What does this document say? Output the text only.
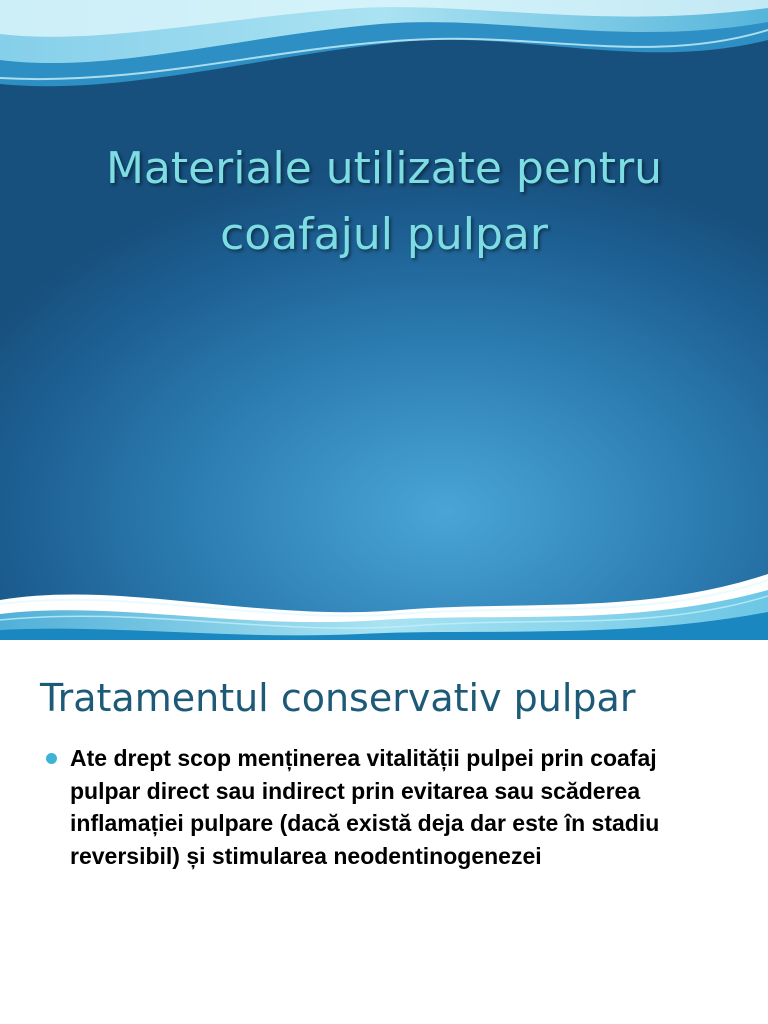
Materiale utilizate pentru
coafajul pulpar
Tratamentul conservativ pulpar
Ate drept scop menținerea vitalității pulpei prin coafaj pulpar direct sau indirect prin evitarea sau scăderea inflamației pulpare (dacă există deja dar este în stadiu reversibil) și stimularea neodentinogenezei
